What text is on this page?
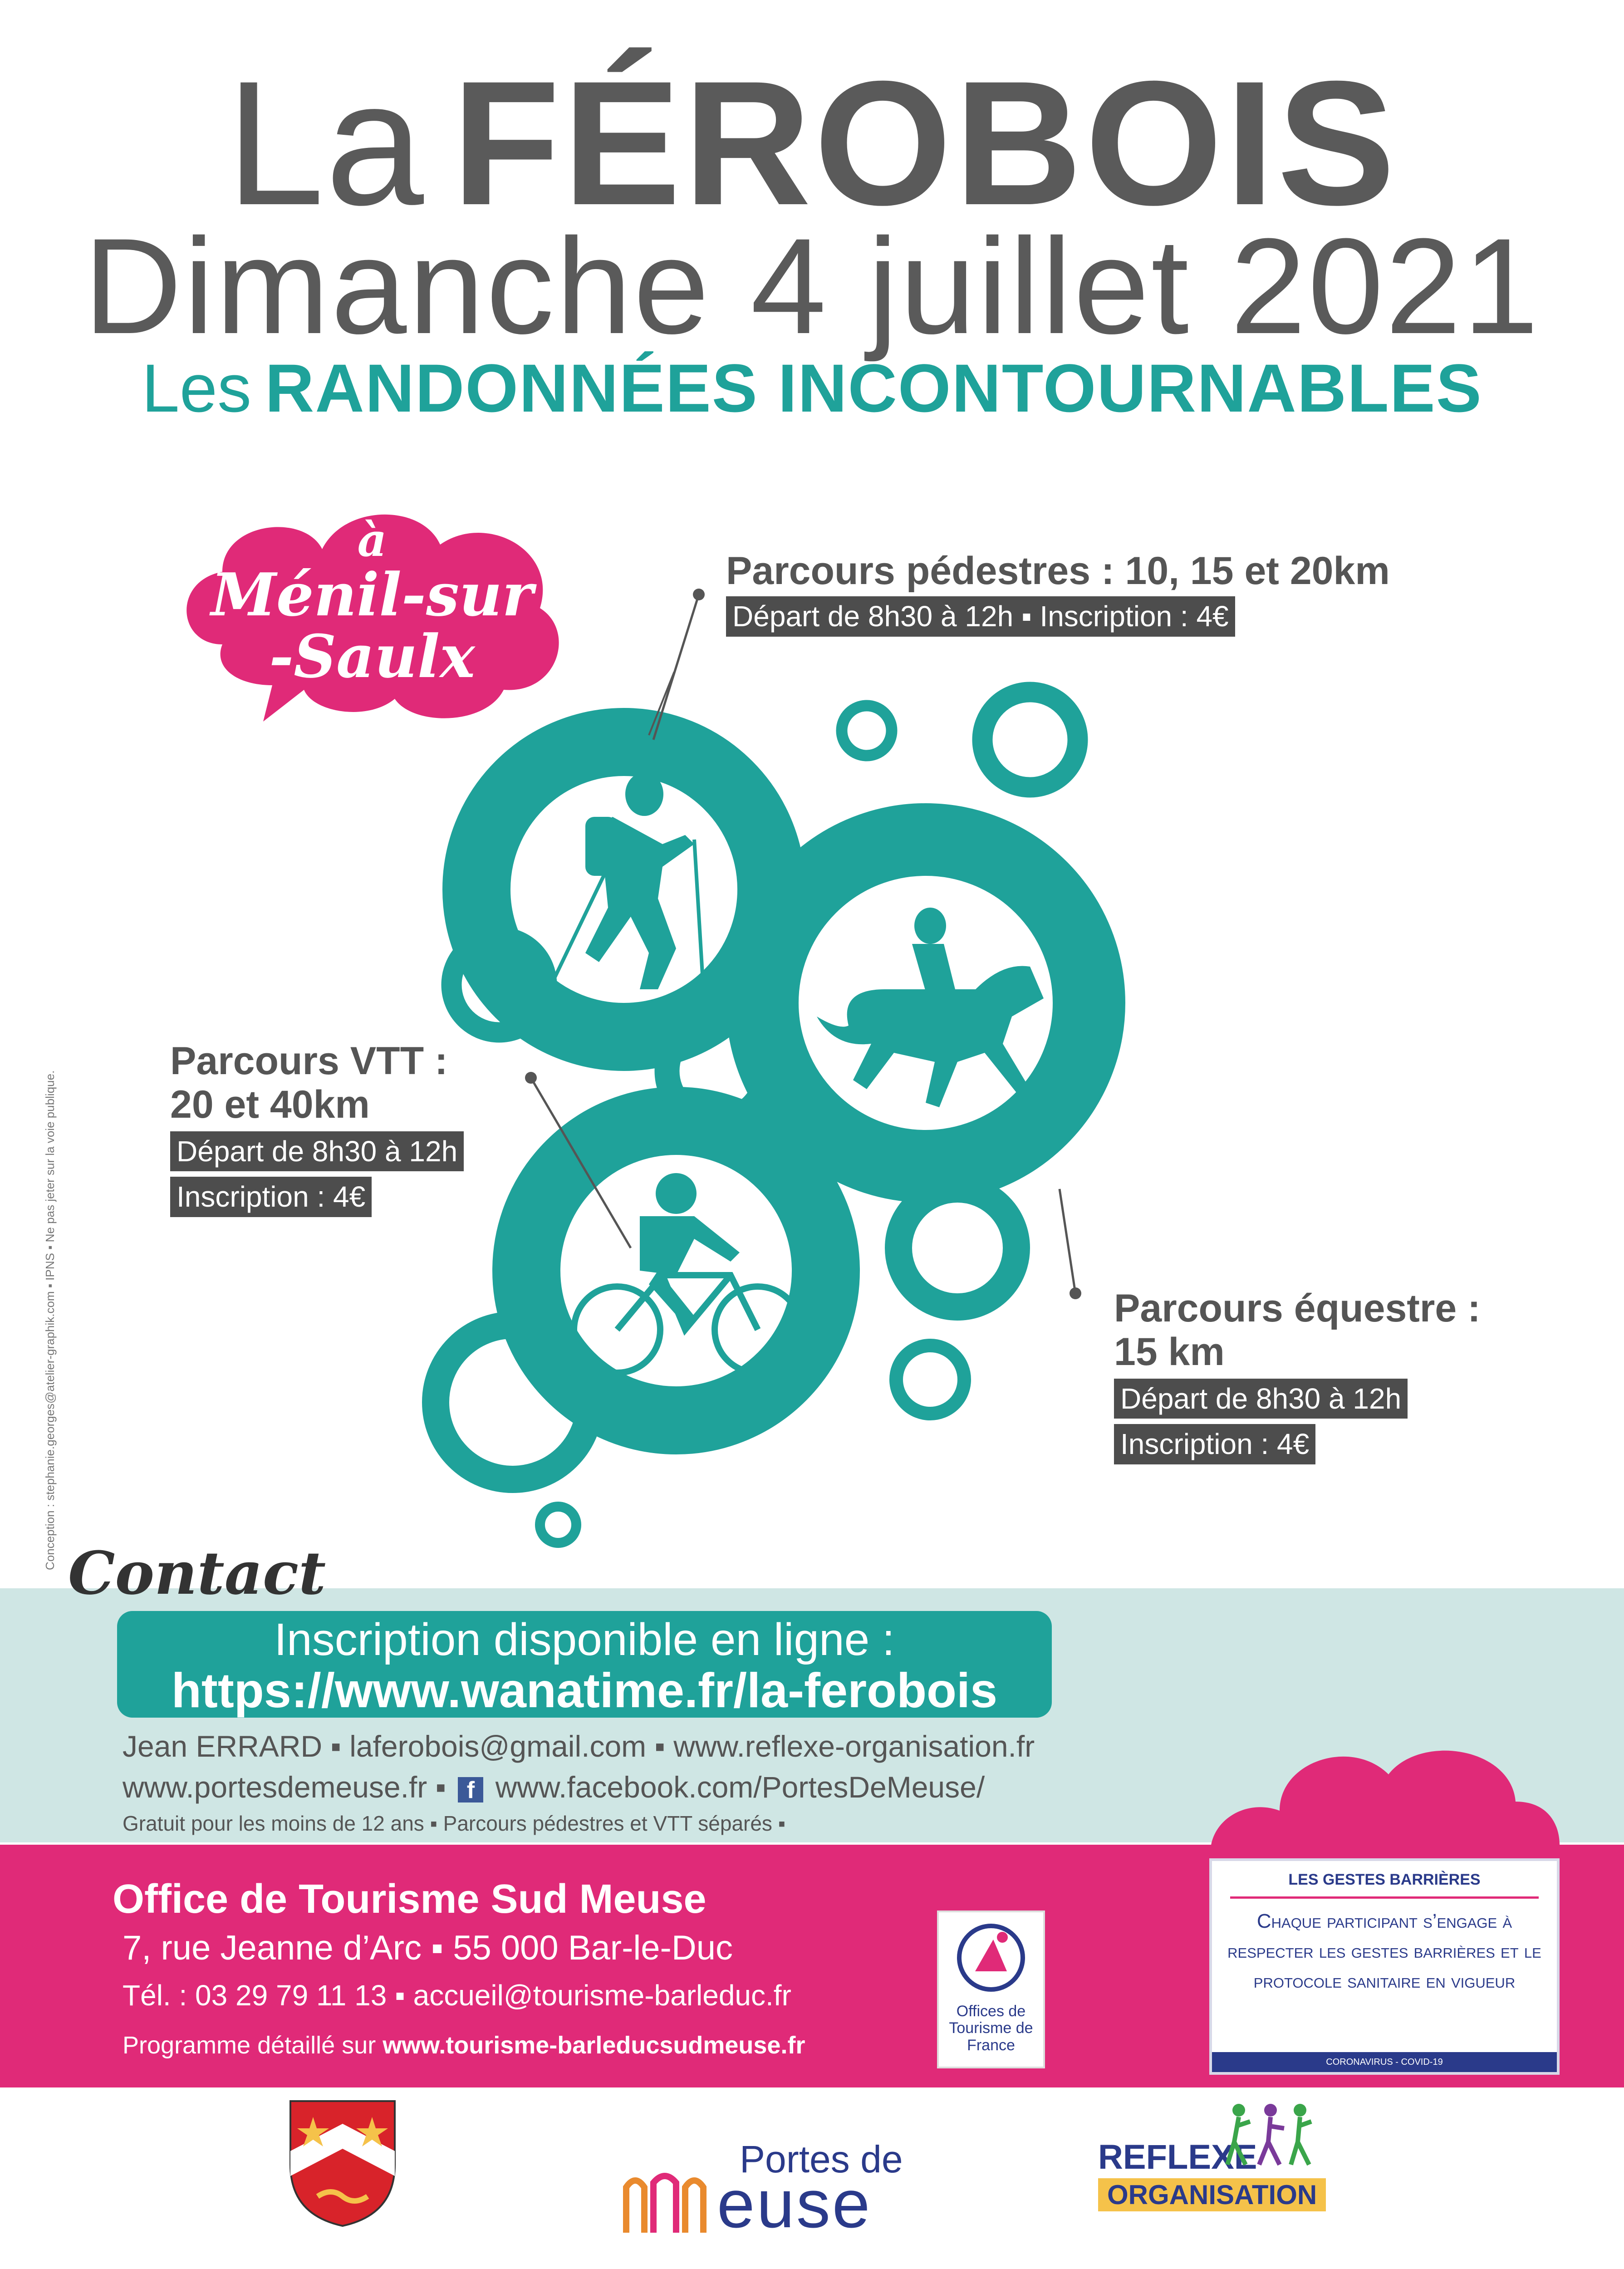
La FÉROBOIS
Dimanche 4 juillet 2021
Les RANDONNÉES INCONTOURNABLES
à
Ménil-sur
-Saulx
Parcours pédestres : 10, 15 et 20km
Départ de 8h30 à 12h ▪ Inscription : 4€
Parcours VTT :
20 et 40km
Départ de 8h30 à 12h
Inscription : 4€
Parcours équestre :
15 km
Départ de 8h30 à 12h
Inscription : 4€
Conception : stephanie.georges@atelier-graphik.com ▪ IPNS ▪ Ne pas jeter sur la voie publique.
Contact
Inscription disponible en ligne :
https://www.wanatime.fr/la-ferobois
Jean ERRARD ▪ laferobois@gmail.com ▪ www.reflexe-organisation.fr
www.portesdemeuse.fr ▪ f www.facebook.com/PortesDeMeuse/
Gratuit pour les moins de 12 ans ▪ Parcours pédestres et VTT séparés ▪
Office de Tourisme Sud Meuse
7, rue Jeanne d’Arc ▪ 55 000 Bar-le-Duc
Tél. : 03 29 79 11 13 ▪ accueil@tourisme-barleduc.fr
Programme détaillé sur www.tourisme-barleducsudmeuse.fr
Offices de Tourisme de France
LES GESTES BARRIÈRES
Chaque participant s’engage à respecter les gestes barrières et le protocole sanitaire en vigueur
CORONAVIRUS - COVID-19
Portes de
euse
REFLEXE
ORGANISATION
